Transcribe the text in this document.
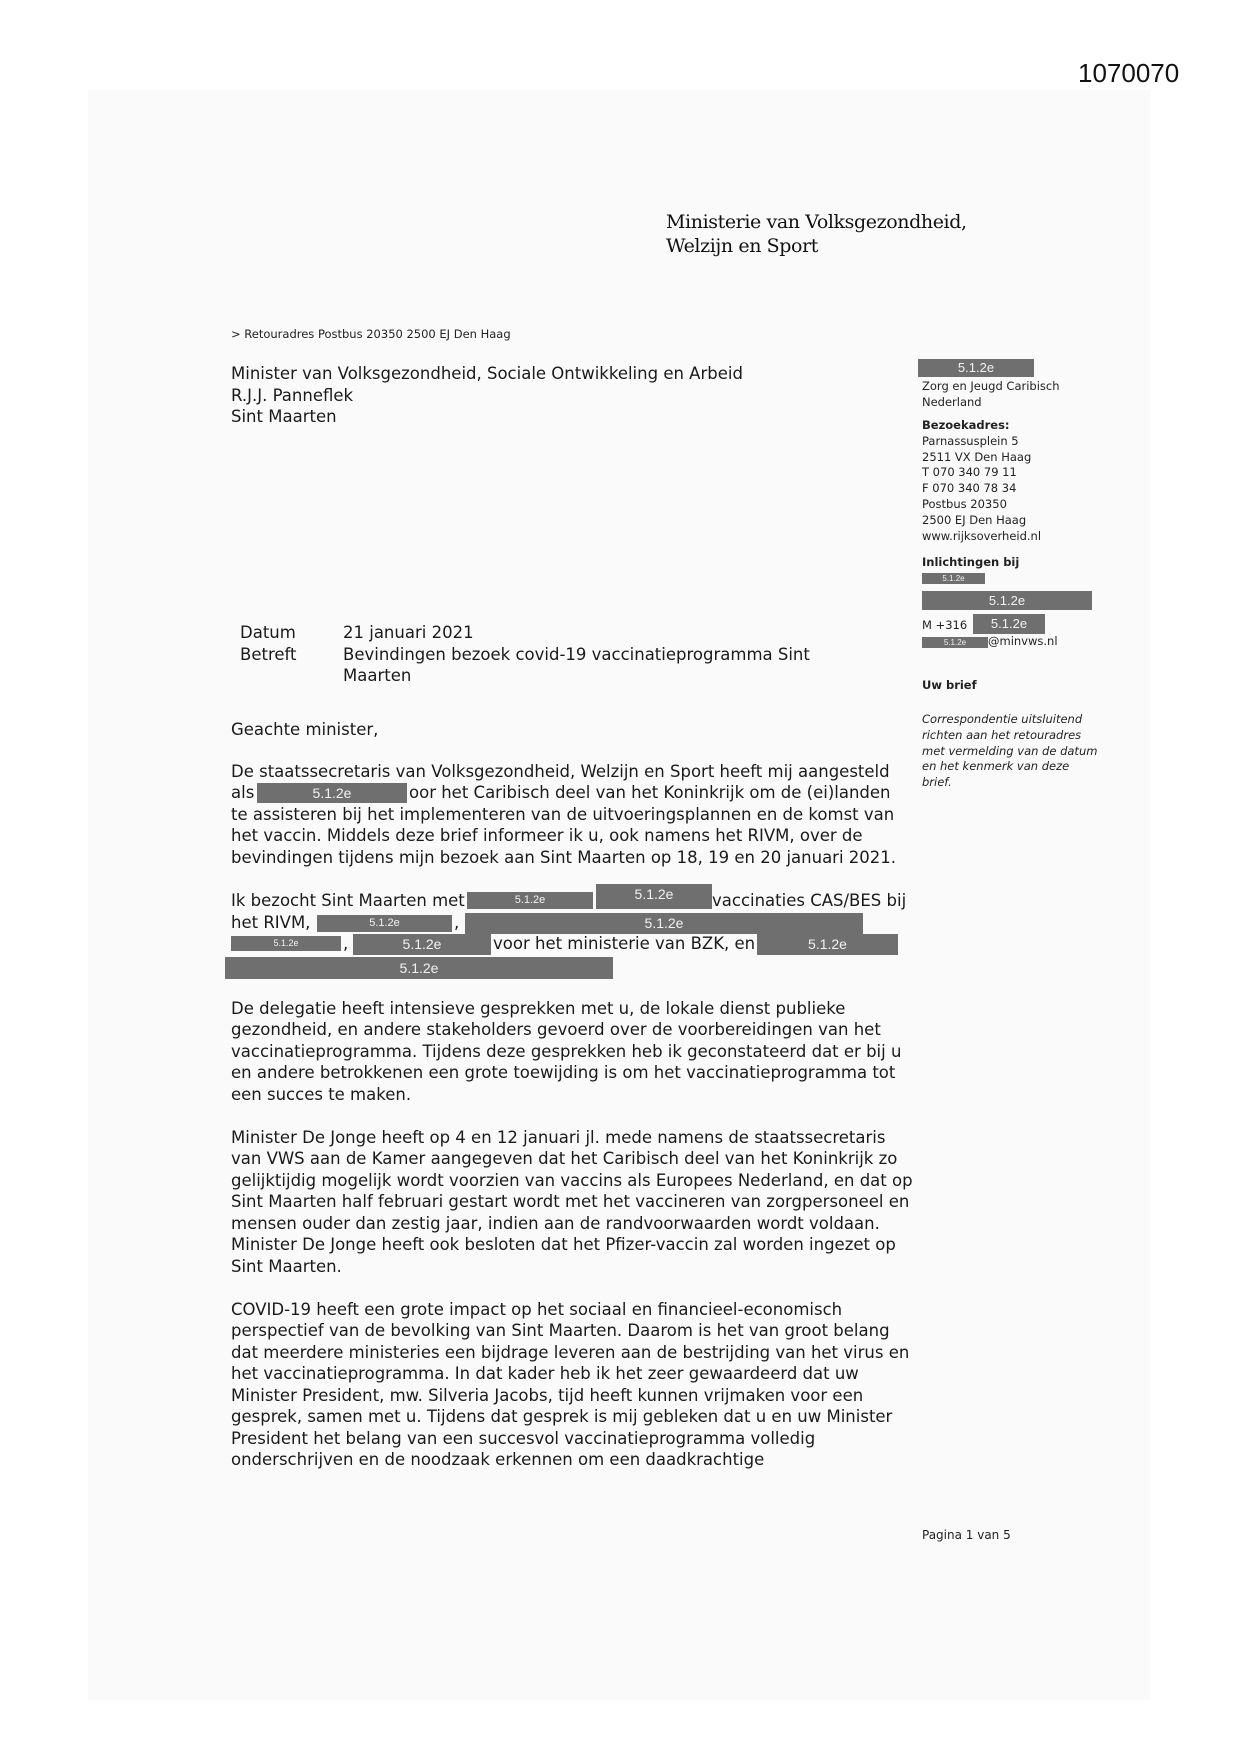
1070070
Ministerie van Volksgezondheid,
Welzijn en Sport
> Retouradres Postbus 20350 2500 EJ Den Haag
Minister van Volksgezondheid, Sociale Ontwikkeling en Arbeid
R.J.J. Panneflek
Sint Maarten
5.1.2e
Zorg en Jeugd Caribisch
Nederland
Bezoekadres:
Parnassusplein 5
2511 VX Den Haag
T 070 340 79 11
F 070 340 78 34
Postbus 20350
2500 EJ Den Haag
www.rijksoverheid.nl
Inlichtingen bij
5.1.2e
5.1.2e
M +316	5.1.2e
5.1.2e	@minvws.nl
Uw brief
Correspondentie uitsluitend
richten aan het retouradres
met vermelding van de datum
en het kenmerk van deze
brief.
Datum	21 januari 2021
Betreft	Bevindingen bezoek covid-19 vaccinatieprogramma Sint
Maarten
Geachte minister,
De staatssecretaris van Volksgezondheid, Welzijn en Sport heeft mij aangesteld
als	5.1.2e	oor het Caribisch deel van het Koninkrijk om de (ei)landen
te assisteren bij het implementeren van de uitvoeringsplannen en de komst van
het vaccin. Middels deze brief informeer ik u, ook namens het RIVM, over de
bevindingen tijdens mijn bezoek aan Sint Maarten op 18, 19 en 20 januari 2021.
Ik bezocht Sint Maarten met	5.1.2e	5.1.2e	vaccinaties CAS/BES bij
het RIVM,	5.1.2e	,	5.1.2e
5.1.2e	,	5.1.2e	voor het ministerie van BZK, en	5.1.2e
5.1.2e
De delegatie heeft intensieve gesprekken met u, de lokale dienst publieke
gezondheid, en andere stakeholders gevoerd over de voorbereidingen van het
vaccinatieprogramma. Tijdens deze gesprekken heb ik geconstateerd dat er bij u
en andere betrokkenen een grote toewijding is om het vaccinatieprogramma tot
een succes te maken.
Minister De Jonge heeft op 4 en 12 januari jl. mede namens de staatssecretaris
van VWS aan de Kamer aangegeven dat het Caribisch deel van het Koninkrijk zo
gelijktijdig mogelijk wordt voorzien van vaccins als Europees Nederland, en dat op
Sint Maarten half februari gestart wordt met het vaccineren van zorgpersoneel en
mensen ouder dan zestig jaar, indien aan de randvoorwaarden wordt voldaan.
Minister De Jonge heeft ook besloten dat het Pfizer-vaccin zal worden ingezet op
Sint Maarten.
COVID-19 heeft een grote impact op het sociaal en financieel-economisch
perspectief van de bevolking van Sint Maarten. Daarom is het van groot belang
dat meerdere ministeries een bijdrage leveren aan de bestrijding van het virus en
het vaccinatieprogramma. In dat kader heb ik het zeer gewaardeerd dat uw
Minister President, mw. Silveria Jacobs, tijd heeft kunnen vrijmaken voor een
gesprek, samen met u. Tijdens dat gesprek is mij gebleken dat u en uw Minister
President het belang van een succesvol vaccinatieprogramma volledig
onderschrijven en de noodzaak erkennen om een daadkrachtige
Pagina 1 van 5
